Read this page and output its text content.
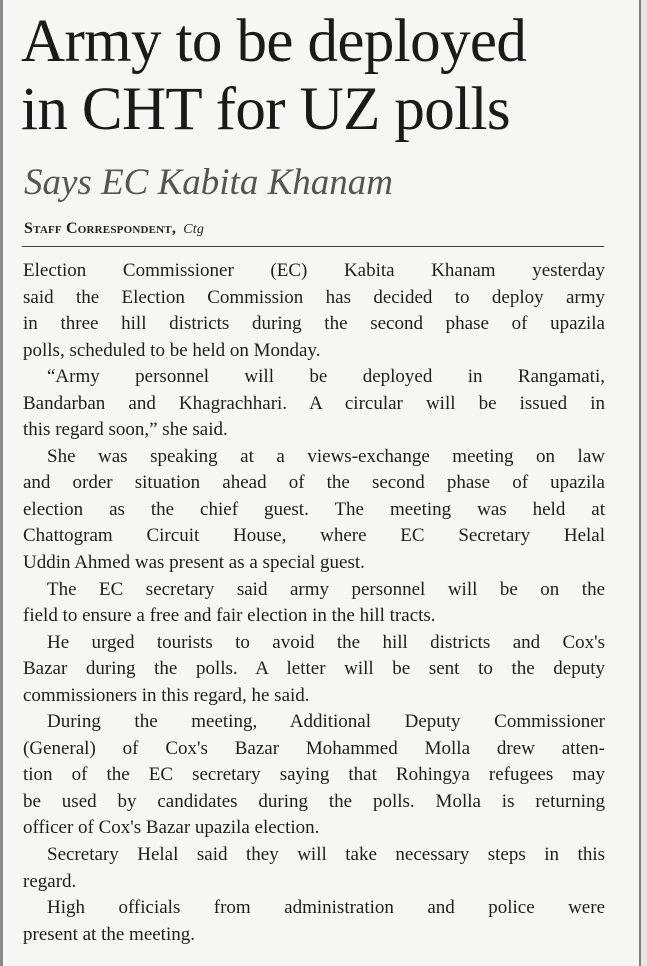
Army to be deployed
in CHT for UZ polls
Says EC Kabita Khanam
Staff Correspondent, Ctg
Election Commissioner (EC) Kabita Khanam yesterday
said the Election Commission has decided to deploy army
in three hill districts during the second phase of upazila
polls, scheduled to be held on Monday.
“Army personnel will be deployed in Rangamati,
Bandarban and Khagrachhari. A circular will be issued in
this regard soon,” she said.
She was speaking at a views-exchange meeting on law
and order situation ahead of the second phase of upazila
election as the chief guest. The meeting was held at
Chattogram Circuit House, where EC Secretary Helal
Uddin Ahmed was present as a special guest.
The EC secretary said army personnel will be on the
field to ensure a free and fair election in the hill tracts.
He urged tourists to avoid the hill districts and Cox's
Bazar during the polls. A letter will be sent to the deputy
commissioners in this regard, he said.
During the meeting, Additional Deputy Commissioner
(General) of Cox's Bazar Mohammed Molla drew atten-
tion of the EC secretary saying that Rohingya refugees may
be used by candidates during the polls. Molla is returning
officer of Cox's Bazar upazila election.
Secretary Helal said they will take necessary steps in this
regard.
High officials from administration and police were
present at the meeting.
